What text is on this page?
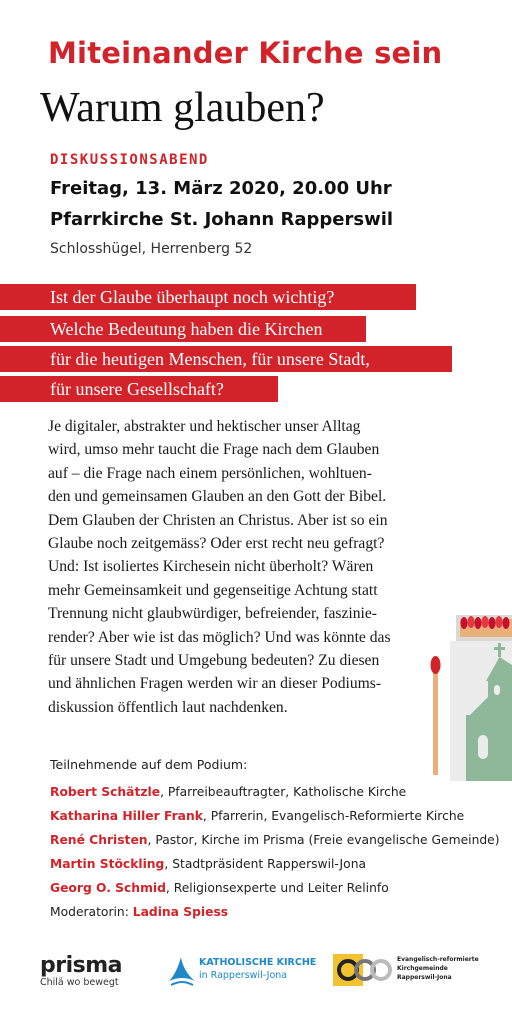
Miteinander Kirche sein
Warum glauben?
DISKUSSIONSABEND
Freitag, 13. März 2020, 20.00 Uhr
Pfarrkirche St. Johann Rapperswil
Schlosshügel, Herrenberg 52
Ist der Glaube überhaupt noch wichtig?
Welche Bedeutung haben die Kirchen
für die heutigen Menschen, für unsere Stadt,
für unsere Gesellschaft?
Je digitaler, abstrakter und hektischer unser Alltag
wird, umso mehr taucht die Frage nach dem Glauben
auf – die Frage nach einem persönlichen, wohltuen-
den und gemeinsamen Glauben an den Gott der Bibel.
Dem Glauben der Christen an Christus. Aber ist so ein
Glaube noch zeitgemäss? Oder erst recht neu gefragt?
Und: Ist isoliertes Kirchesein nicht überholt? Wären
mehr Gemeinsamkeit und gegenseitige Achtung statt
Trennung nicht glaubwürdiger, befreiender, faszinie-
render? Aber wie ist das möglich? Und was könnte das
für unsere Stadt und Umgebung bedeuten? Zu diesen
und ähnlichen Fragen werden wir an dieser Podiums-
diskussion öffentlich laut nachdenken.
Teilnehmende auf dem Podium:
Robert Schätzle, Pfarreibeauftragter, Katholische Kirche
Katharina Hiller Frank, Pfarrerin, Evangelisch-Reformierte Kirche
René Christen, Pastor, Kirche im Prisma (Freie evangelische Gemeinde)
Martin Stöckling, Stadtpräsident Rapperswil-Jona
Georg O. Schmid, Religionsexperte und Leiter Relinfo
Moderatorin: Ladina Spiess
prisma
Chilä wo bewegt
KATHOLISCHE KIRCHE
in Rapperswil-Jona
Evangelisch-reformierte
Kirchgemeinde
Rapperswil-Jona
